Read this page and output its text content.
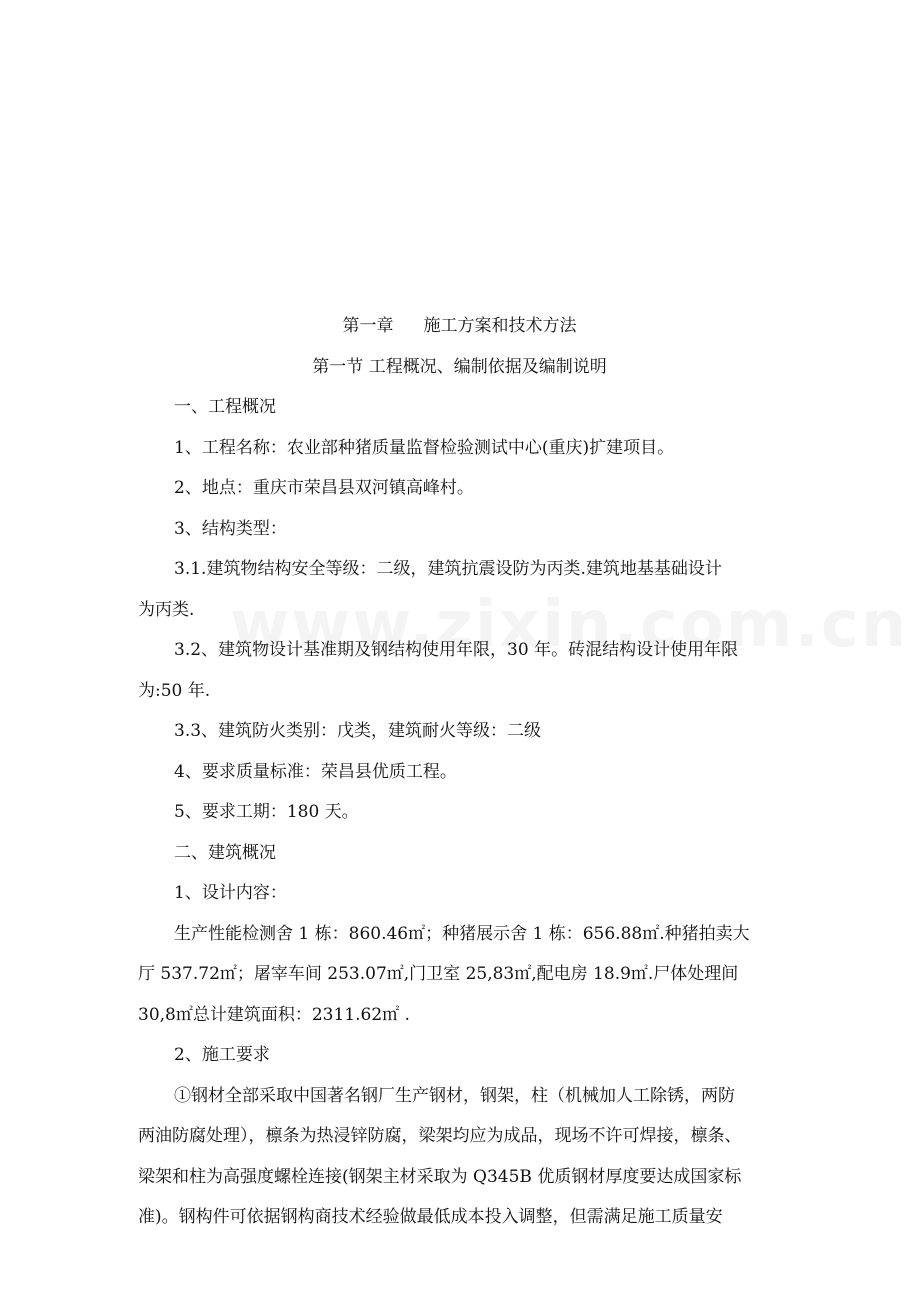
第一章 施工方案和技术方法
第一节 工程概况、编制依据及编制说明
一、工程概况
1、工程名称：农业部种猪质量监督检验测试中心(重庆)扩建项目。
2、地点：重庆市荣昌县双河镇高峰村。
3、结构类型：
3.1.建筑物结构安全等级：二级，建筑抗震设防为丙类.建筑地基基础设计
为丙类.
3.2、建筑物设计基准期及钢结构使用年限，30 年。砖混结构设计使用年限
为:50 年.
3.3、建筑防火类别：戊类，建筑耐火等级：二级
4、要求质量标准：荣昌县优质工程。
5、要求工期：180 天。
二、建筑概况
1、设计内容：
生产性能检测舍 1 栋：860.46㎡；种猪展示舍 1 栋：656.88㎡.种猪拍卖大
厅 537.72㎡；屠宰车间 253.07㎡,门卫室 25,83㎡,配电房 18.9㎡.尸体处理间
30,8㎡总计建筑面积：2311.62㎡ .
2、施工要求
①钢材全部采取中国著名钢厂生产钢材，钢架，柱（机械加人工除锈，两防
两油防腐处理），檩条为热浸锌防腐，梁架均应为成品，现场不许可焊接，檩条、
梁架和柱为高强度螺栓连接(钢架主材采取为 Q345B 优质钢材厚度要达成国家标
准)。钢构件可依据钢构商技术经验做最低成本投入调整，但需满足施工质量安
